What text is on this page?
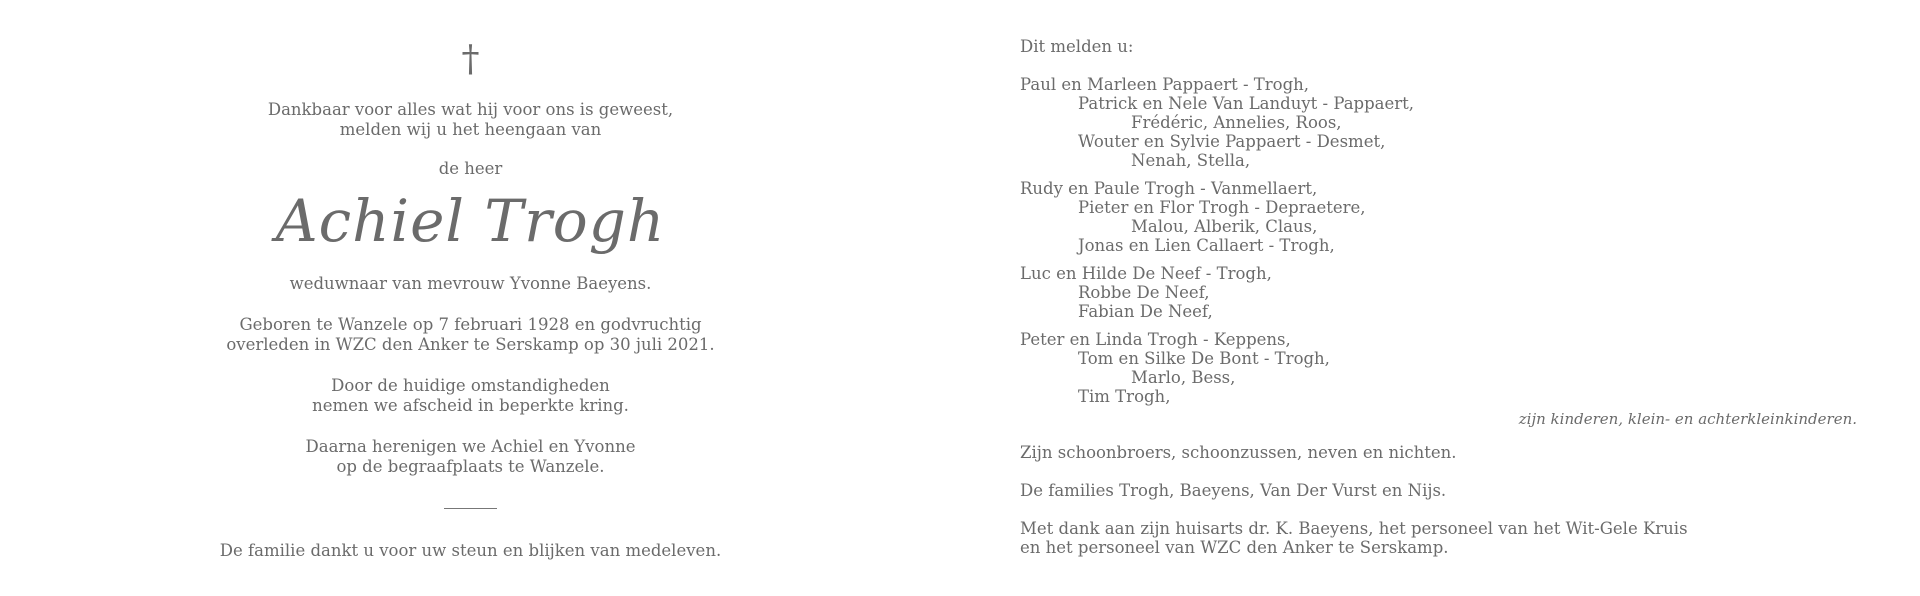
†
Dankbaar voor alles wat hij voor ons is geweest,
melden wij u het heengaan van
de heer
Achiel Trogh
weduwnaar van mevrouw Yvonne Baeyens.
Geboren te Wanzele op 7 februari 1928 en godvruchtig
overleden in WZC den Anker te Serskamp op 30 juli 2021.
Door de huidige omstandigheden
nemen we afscheid in beperkte kring.
Daarna herenigen we Achiel en Yvonne
op de begraafplaats te Wanzele.
De familie dankt u voor uw steun en blijken van medeleven.
Dit melden u:
Paul en Marleen Pappaert - Trogh,
Patrick en Nele Van Landuyt - Pappaert,
Frédéric, Annelies, Roos,
Wouter en Sylvie Pappaert - Desmet,
Nenah, Stella,
Rudy en Paule Trogh - Vanmellaert,
Pieter en Flor Trogh - Depraetere,
Malou, Alberik, Claus,
Jonas en Lien Callaert - Trogh,
Luc en Hilde De Neef - Trogh,
Robbe De Neef,
Fabian De Neef,
Peter en Linda Trogh - Keppens,
Tom en Silke De Bont - Trogh,
Marlo, Bess,
Tim Trogh,
zijn kinderen, klein- en achterkleinkinderen.
Zijn schoonbroers, schoonzussen, neven en nichten.
De families Trogh, Baeyens, Van Der Vurst en Nijs.
Met dank aan zijn huisarts dr. K. Baeyens, het personeel van het Wit-Gele Kruis
en het personeel van WZC den Anker te Serskamp.
